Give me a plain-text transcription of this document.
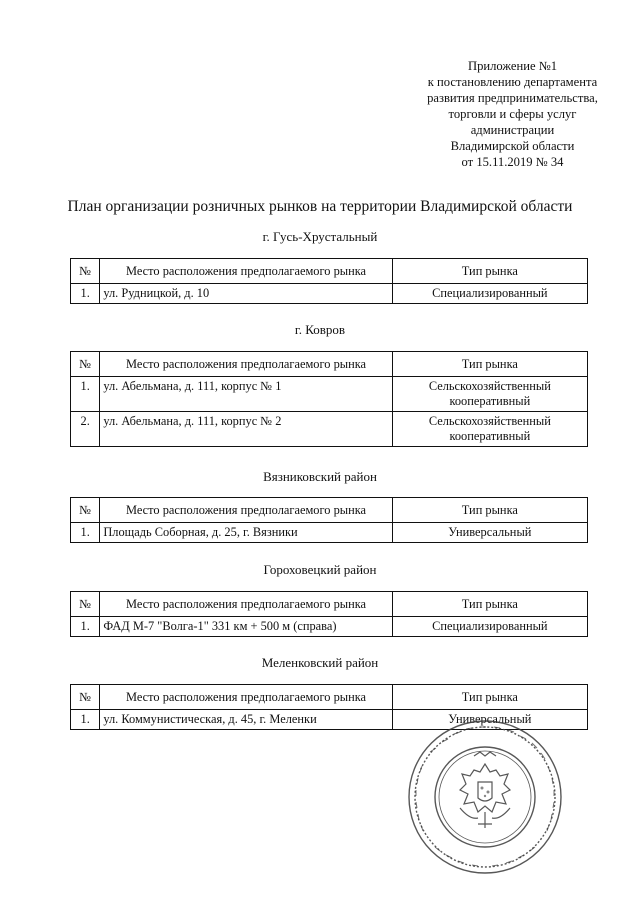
Приложение №1
к постановлению департамента
развития предпринимательства,
торговли и сферы услуг
администрации
Владимирской области
от 15.11.2019 № 34
План организации розничных рынков на территории Владимирской области
г. Гусь-Хрустальный
№	Место расположения предполагаемого рынка	Тип рынка
1.	ул. Рудницкой, д. 10	Специализированный
г. Ковров
№	Место расположения предполагаемого рынка	Тип рынка
1.	ул. Абельмана, д. 111, корпус № 1	Сельскохозяйственный кооперативный
2.	ул. Абельмана, д. 111, корпус № 2	Сельскохозяйственный кооперативный
Вязниковский район
№	Место расположения предполагаемого рынка	Тип рынка
1.	Площадь Соборная, д. 25, г. Вязники	Универсальный
Гороховецкий район
№	Место расположения предполагаемого рынка	Тип рынка
1.	ФАД М-7 "Волга-1" 331 км + 500 м (справа)	Специализированный
Меленковский район
№	Место расположения предполагаемого рынка	Тип рынка
1.	ул. Коммунистическая, д. 45, г. Меленки	Универсальный
